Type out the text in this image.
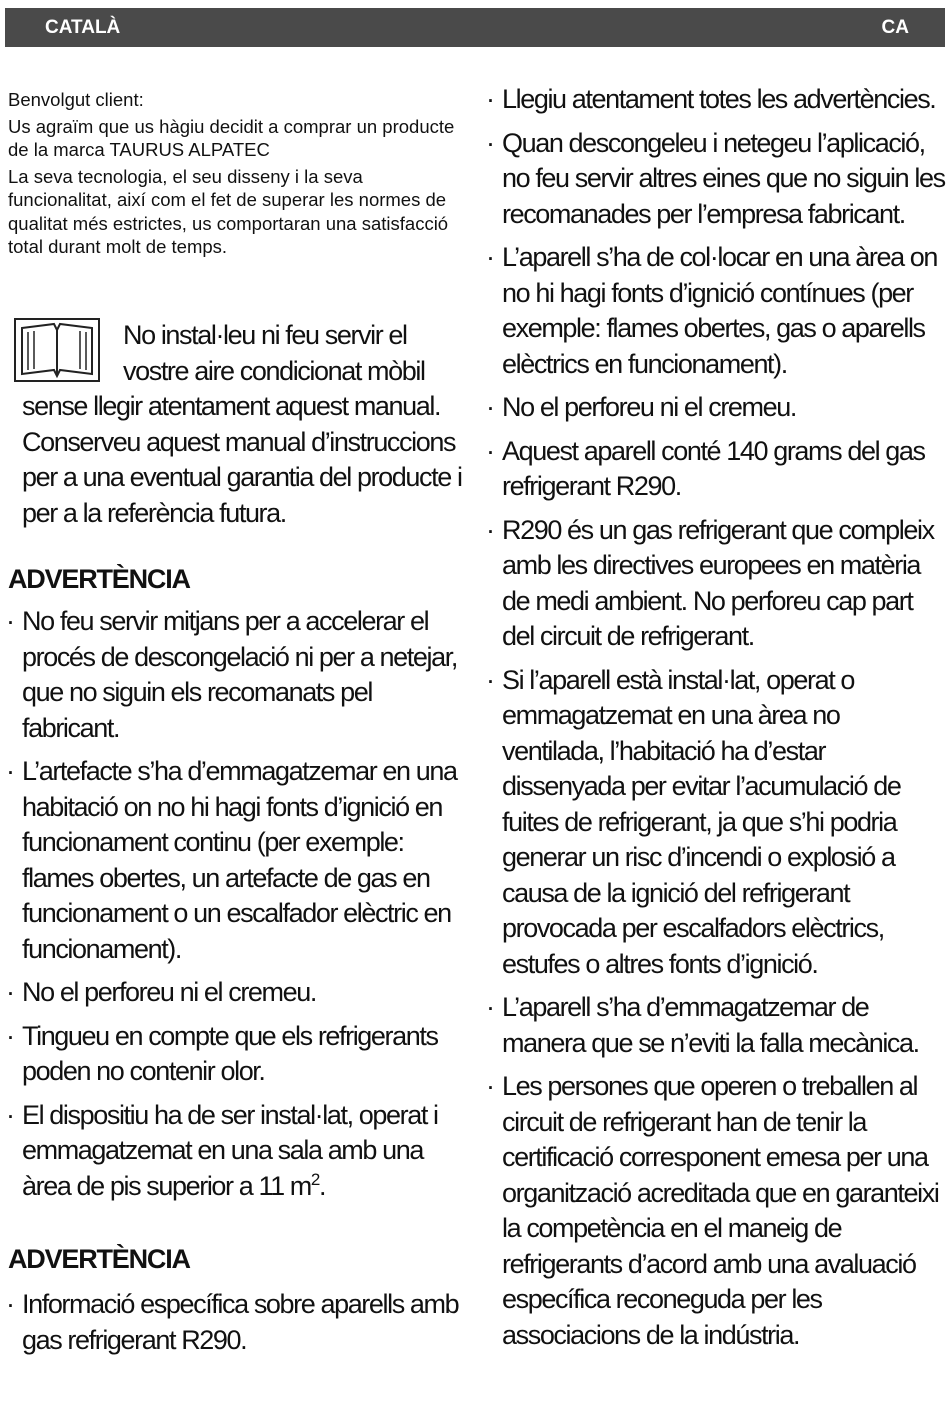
CATALÀ	CA

Benvolgut client:

Us agraïm que us hàgiu decidit a comprar un producte de la marca TAURUS ALPATEC

La seva tecnologia, el seu disseny i la seva funcionalitat, així com el fet de superar les normes de qualitat més estrictes, us comportaran una satisfacció total durant molt de temps.

No instal·leu ni feu servir el
vostre aire condicionat mòbil
sense llegir atentament aquest manual. Conserveu aquest manual d’instruccions per a una eventual garantia del producte i per a la referència futura.
ADVERTÈNCIA
· No feu servir mitjans per a accelerar el procés de descongelació ni per a netejar, que no siguin els recomanats pel fabricant.
· L’artefacte s’ha d’emmagatzemar en una habitació on no hi hagi fonts d’ignició en funcionament continu (per exemple: flames obertes, un artefacte de gas en funcionament o un escalfador elèctric en funcionament).
· No el perforeu ni el cremeu.
· Tingueu en compte que els refrigerants poden no contenir olor.
· El dispositiu ha de ser instal·lat, operat i emmagatzemat en una sala amb una àrea de pis superior a 11 $m^2$.
ADVERTÈNCIA
· Informació específica sobre aparells amb gas refrigerant R290.
· Llegiu atentament totes les advertències.
· Quan descongeleu i netegeu l’aplicació, no feu servir altres eines que no siguin les recomanades per l’empresa fabricant.
· L’aparell s’ha de col·locar en una àrea on no hi hagi fonts d’ignició contínues (per exemple: flames obertes, gas o aparells elèctrics en funcionament).
· No el perforeu ni el cremeu.
· Aquest aparell conté 140 grams del gas refrigerant R290.
· R290 és un gas refrigerant que compleix amb les directives europees en matèria de medi ambient. No perforeu cap part del circuit de refrigerant.
· Si l’aparell està instal·lat, operat o emmagatzemat en una àrea no ventilada, l’habitació ha d’estar dissenyada per evitar l’acumulació de fuites de refrigerant, ja que s’hi podria generar un risc d’incendi o explosió a causa de la ignició del refrigerant provocada per escalfadors elèctrics, estufes o altres fonts d’ignició.
· L’aparell s’ha d’emmagatzemar de manera que se n’eviti la falla mecànica.
· Les persones que operen o treballen al circuit de refrigerant han de tenir la certificació corresponent emesa per una organització acreditada que en garanteixi la competència en el maneig de refrigerants d’acord amb una avaluació específica reconeguda per les associacions de la indústria.
